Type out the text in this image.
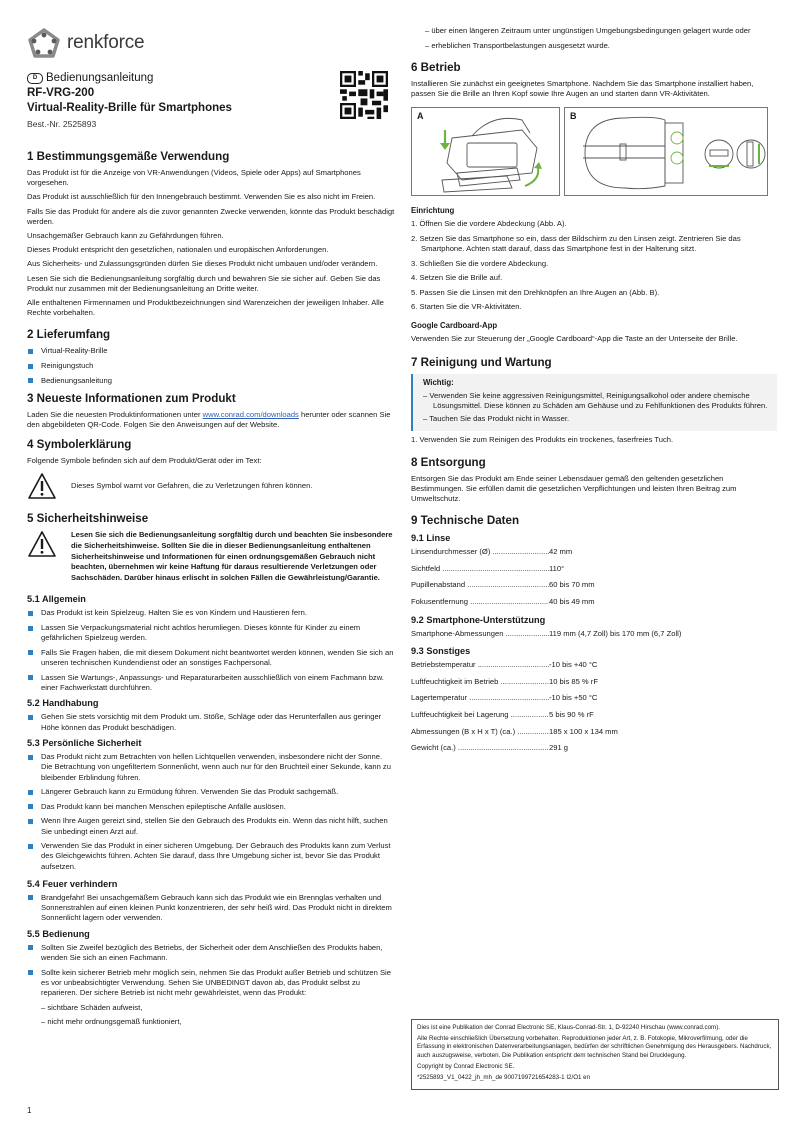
renkforce
D Bedienungsanleitung
RF-VRG-200
Virtual-Reality-Brille für Smartphones
Best.-Nr. 2525893
1 Bestimmungsgemäße Verwendung

Das Produkt ist für die Anzeige von VR-Anwendungen (Videos, Spiele oder Apps) auf Smartphones vorgesehen.

Das Produkt ist ausschließlich für den Innengebrauch bestimmt. Verwenden Sie es also nicht im Freien.

Falls Sie das Produkt für andere als die zuvor genannten Zwecke verwenden, könnte das Produkt beschädigt werden.

Unsachgemäßer Gebrauch kann zu Gefährdungen führen.

Dieses Produkt entspricht den gesetzlichen, nationalen und europäischen Anforderungen.

Aus Sicherheits- und Zulassungsgründen dürfen Sie dieses Produkt nicht umbauen und/oder verändern.

Lesen Sie sich die Bedienungsanleitung sorgfältig durch und bewahren Sie sie sicher auf. Geben Sie das Produkt nur zusammen mit der Bedienungsanleitung an Dritte weiter.

Alle enthaltenen Firmennamen und Produktbezeichnungen sind Warenzeichen der jeweiligen Inhaber. Alle Rechte vorbehalten.

2 Lieferumfang
Virtual-Reality-Brille
Reinigungstuch
Bedienungsanleitung
3 Neueste Informationen zum Produkt

Laden Sie die neuesten Produktinformationen unter www.conrad.com/downloads herunter oder scannen Sie den abgebildeten QR-Code. Folgen Sie den Anweisungen auf der Website.

4 Symbolerklärung

Folgende Symbole befinden sich auf dem Produkt/Gerät oder im Text:

Dieses Symbol warnt vor Gefahren, die zu Verletzungen führen können.

5 Sicherheitshinweise

Lesen Sie sich die Bedienungsanleitung sorgfältig durch und beachten Sie insbesondere die Sicherheitshinweise. Sollten Sie die in dieser Bedienungsanleitung enthaltenen Sicherheitshinweise und Informationen für einen ordnungsgemäßen Gebrauch nicht beachten, übernehmen wir keine Haftung für daraus resultierende Verletzungen oder Sachschäden. Darüber hinaus erlischt in solchen Fällen die Gewährleistung/Garantie.

5.1 Allgemein
Das Produkt ist kein Spielzeug. Halten Sie es von Kindern und Haustieren fern.
Lassen Sie Verpackungsmaterial nicht achtlos herumliegen. Dieses könnte für Kinder zu einem gefährlichen Spielzeug werden.
Falls Sie Fragen haben, die mit diesem Dokument nicht beantwortet werden können, wenden Sie sich an unseren technischen Kundendienst oder an sonstiges Fachpersonal.
Lassen Sie Wartungs-, Anpassungs- und Reparaturarbeiten ausschließlich von einem Fachmann bzw. einer Fachwerkstatt durchführen.
5.2 Handhabung
Gehen Sie stets vorsichtig mit dem Produkt um. Stöße, Schläge oder das Herunterfallen aus geringer Höhe können das Produkt beschädigen.
5.3 Persönliche Sicherheit
Das Produkt nicht zum Betrachten von hellen Lichtquellen verwenden, insbesondere nicht der Sonne. Die Betrachtung von ungefiltertem Sonnenlicht, wenn auch nur für den Bruchteil einer Sekunde, kann zu bleibender Erblindung führen.
Längerer Gebrauch kann zu Ermüdung führen. Verwenden Sie das Produkt sachgemäß.
Das Produkt kann bei manchen Menschen epileptische Anfälle auslösen.
Wenn Ihre Augen gereizt sind, stellen Sie den Gebrauch des Produkts ein. Wenn das nicht hilft, suchen Sie unbedingt einen Arzt auf.
Verwenden Sie das Produkt in einer sicheren Umgebung. Der Gebrauch des Produkts kann zum Verlust des Gleichgewichts führen. Achten Sie darauf, dass Ihre Umgebung sicher ist, bevor Sie das Produkt aufsetzen.
5.4 Feuer verhindern
Brandgefahr! Bei unsachgemäßem Gebrauch kann sich das Produkt wie ein Brennglas verhalten und Sonnenstrahlen auf einen kleinen Punkt konzentrieren, der sehr heiß wird. Das Produkt nicht in direktem Sonnenlicht lagern oder verwenden.
5.5 Bedienung
Sollten Sie Zweifel bezüglich des Betriebs, der Sicherheit oder dem Anschließen des Produkts haben, wenden Sie sich an einen Fachmann.
Sollte kein sicherer Betrieb mehr möglich sein, nehmen Sie das Produkt außer Betrieb und schützen Sie es vor unbeabsichtigter Verwendung. Sehen Sie UNBEDINGT davon ab, das Produkt selbst zu reparieren. Der sichere Betrieb ist nicht mehr gewährleistet, wenn das Produkt:

– sichtbare Schäden aufweist,

– nicht mehr ordnungsgemäß funktioniert,

1

– über einen längeren Zeitraum unter ungünstigen Umgebungsbedingungen gelagert wurde oder

– erheblichen Transportbelastungen ausgesetzt wurde.

6 Betrieb

Installieren Sie zunächst ein geeignetes Smartphone. Nachdem Sie das Smartphone installiert haben, passen Sie die Brille an Ihren Kopf sowie Ihre Augen an und starten dann VR-Aktivitäten.

A	B
Einrichtung

1. Öffnen Sie die vordere Abdeckung (Abb. A).

2. Setzen Sie das Smartphone so ein, dass der Bildschirm zu den Linsen zeigt. Zentrieren Sie das Smartphone. Achten statt darauf, dass das Smartphone fest in der Halterung sitzt.

3. Schließen Sie die vordere Abdeckung.

4. Setzen Sie die Brille auf.

5. Passen Sie die Linsen mit den Drehknöpfen an Ihre Augen an (Abb. B).

6. Starten Sie die VR-Aktivitäten.

Google Cardboard-App

Verwenden Sie zur Steuerung der „Google Cardboard“-App die Taste an der Unterseite der Brille.

7 Reinigung und Wartung
Wichtig:

– Verwenden Sie keine aggressiven Reinigungsmittel, Reinigungsalkohol oder andere chemische Lösungsmittel. Diese können zu Schäden am Gehäuse und zu Fehlfunktionen des Produkts führen.

– Tauchen Sie das Produkt nicht in Wasser.

1. Verwenden Sie zum Reinigen des Produkts ein trockenes, faserfreies Tuch.

8 Entsorgung

Entsorgen Sie das Produkt am Ende seiner Lebensdauer gemäß den geltenden gesetzlichen Bestimmungen. Sie erfüllen damit die gesetzlichen Verpflichtungen und leisten Ihren Beitrag zum Umweltschutz.

9 Technische Daten
9.1 Linse
Linsendurchmesser (Ø) .....	42 mm
Sichtfeld .....	110°
Pupillenabstand .....	60 bis 70 mm
Fokusentfernung .....	40 bis 49 mm
9.2 Smartphone-Unterstützung
Smartphone-Abmessungen .....	119 mm (4,7 Zoll) bis 170 mm (6,7 Zoll)
9.3 Sonstiges
Betriebstemperatur .....	-10 bis +40 °C
Luftfeuchtigkeit im Betrieb .....	10 bis 85 % rF
Lagertemperatur .....	-10 bis +50 °C
Luftfeuchtigkeit bei Lagerung .....	5 bis 90 % rF
Abmessungen (B x H x T) (ca.) .....	185 x 100 x 134 mm
Gewicht (ca.) .....	291 g

Dies ist eine Publikation der Conrad Electronic SE, Klaus-Conrad-Str. 1, D-92240 Hirschau (www.conrad.com).

Alle Rechte einschließlich Übersetzung vorbehalten. Reproduktionen jeder Art, z. B. Fotokopie, Mikroverfilmung, oder die Erfassung in elektronischen Datenverarbeitungsanlagen, bedürfen der schriftlichen Genehmigung des Herausgebers. Nachdruck, auch auszugsweise, verboten. Die Publikation entspricht dem technischen Stand bei Drucklegung.

Copyright by Conrad Electronic SE.

*2525893_V1_0422_jh_mh_de 9007199721654283-1 I2/O1 en
